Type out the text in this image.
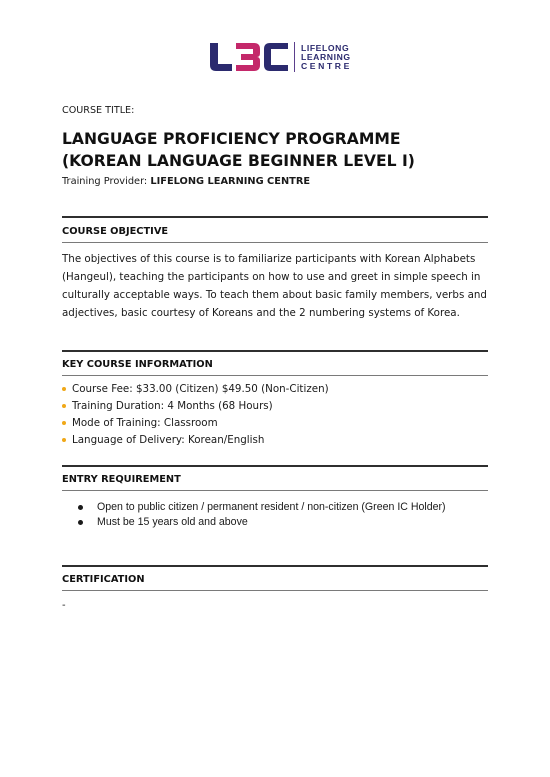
LIFELONG
LEARNING
CENTRE
COURSE TITLE:
LANGUAGE PROFICIENCY PROGRAMME
(KOREAN LANGUAGE BEGINNER LEVEL I)
Training Provider: LIFELONG LEARNING CENTRE
COURSE OBJECTIVE
The objectives of this course is to familiarize participants with Korean Alphabets (Hangeul), teaching the participants on how to use and greet in simple speech in culturally acceptable ways. To teach them about basic family members, verbs and adjectives, basic courtesy of Koreans and the 2 numbering systems of Korea.
KEY COURSE INFORMATION
Course Fee: $33.00 (Citizen) $49.50 (Non-Citizen)
Training Duration: 4 Months (68 Hours)
Mode of Training: Classroom
Language of Delivery: Korean/English
ENTRY REQUIREMENT
Open to public citizen / permanent resident / non-citizen (Green IC Holder)
Must be 15 years old and above
CERTIFICATION
-
